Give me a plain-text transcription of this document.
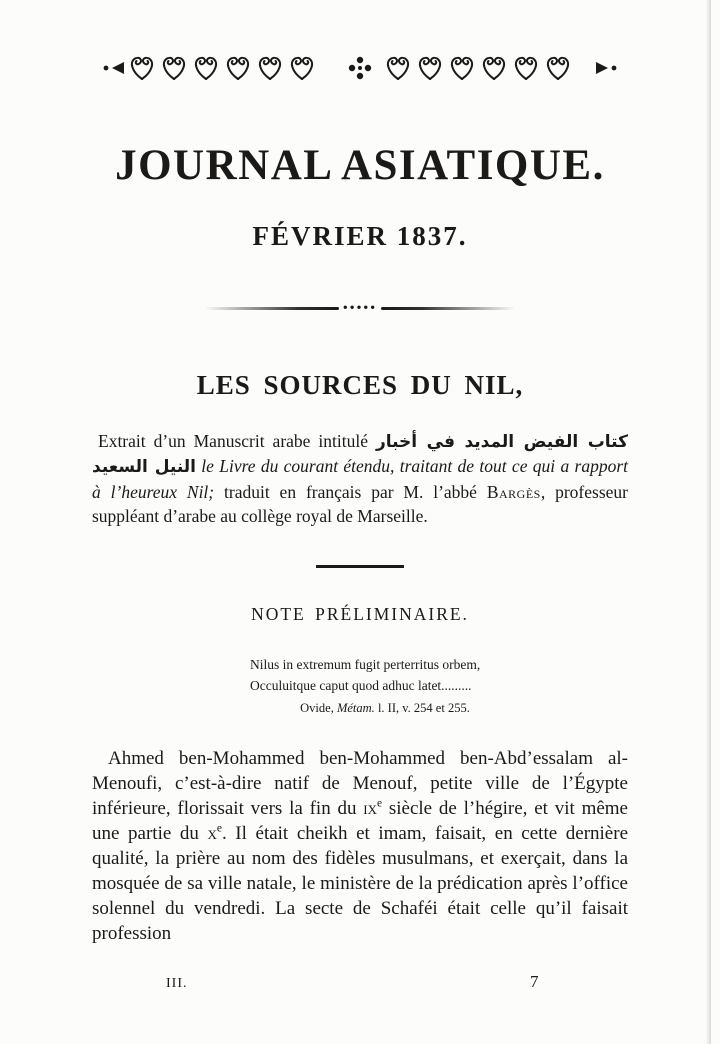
JOURNAL ASIATIQUE.
FÉVRIER 1837.
●●●●●
LES SOURCES DU NIL,

Extrait d’un Manuscrit arabe intitulé كتاب الفيض المديد في أخبار النيل السعيد le Livre du courant étendu, traitant de tout ce qui a rapport à l’heureux Nil; traduit en français par M. l’abbé Bargès, professeur suppléant d’arabe au collège royal de Marseille.

NOTE PRÉLIMINAIRE.
Nilus in extremum fugit perterritus orbem,
Occuluitque caput quod adhuc latet.........
Ovide, Métam. l. II, v. 254 et 255.

Ahmed ben-Mohammed ben-Mohammed ben-Abd’essalam al-Menoufi, c’est-à-dire natif de Menouf, petite ville de l’Égypte inférieure, florissait vers la fin du $ix^e$ siècle de l’hégire, et vit même une partie du $x^e$. Il était cheikh et imam, faisait, en cette dernière qualité, la prière au nom des fidèles musulmans, et exerçait, dans la mosquée de sa ville natale, le ministère de la prédication après l’office solennel du vendredi. La secte de Schaféi était celle qu’il faisait profession

III.	7
